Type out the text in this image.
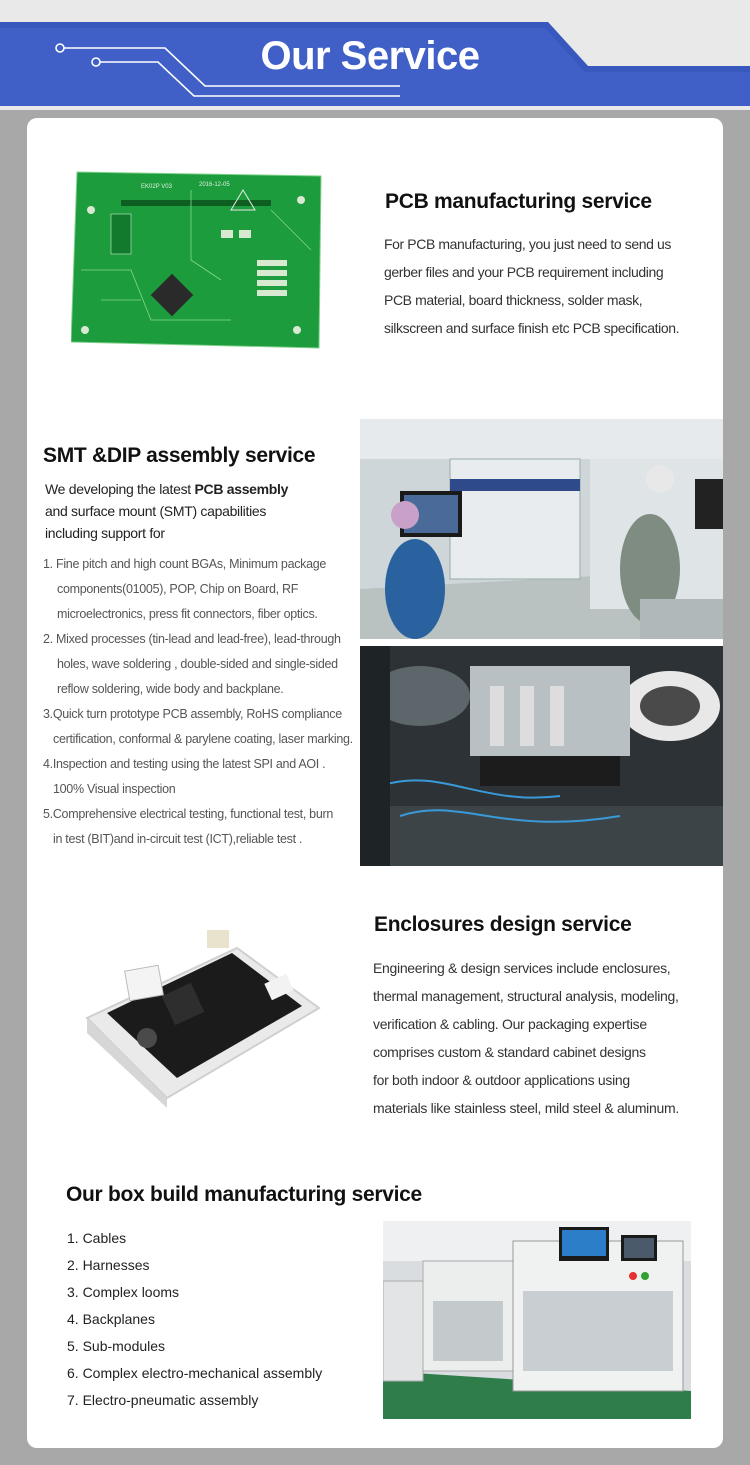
Our Service
EK02P V03	2016-12-05
PCB manufacturing service
For PCB manufacturing, you just need to send us
gerber files and your PCB requirement including
PCB material, board thickness, solder mask,
silkscreen and surface finish etc PCB specification.
SMT &DIP assembly service
We developing the latest PCB assembly
and surface mount (SMT) capabilities
including support for
1. Fine pitch and high count BGAs, Minimum package
components(01005), POP, Chip on Board, RF
microelectronics, press fit connectors, fiber optics.
2. Mixed processes (tin-lead and lead-free), lead-through
holes, wave soldering , double-sided and single-sided
reflow soldering, wide body and backplane.
3.Quick turn prototype PCB assembly, RoHS compliance
certification, conformal & parylene coating, laser marking.
4.Inspection and testing using the latest SPI and AOI .
100% Visual inspection
5.Comprehensive electrical testing, functional test, burn
in test (BIT)and in-circuit test (ICT),reliable test .
Enclosures design service
Engineering & design services include enclosures,
thermal management, structural analysis, modeling,
verification & cabling. Our packaging expertise
comprises custom & standard cabinet designs
for both indoor & outdoor applications using
materials like stainless steel, mild steel & aluminum.
Our box build manufacturing service
1. Cables
2. Harnesses
3. Complex looms
4. Backplanes
5. Sub-modules
6. Complex electro-mechanical assembly
7. Electro-pneumatic assembly
